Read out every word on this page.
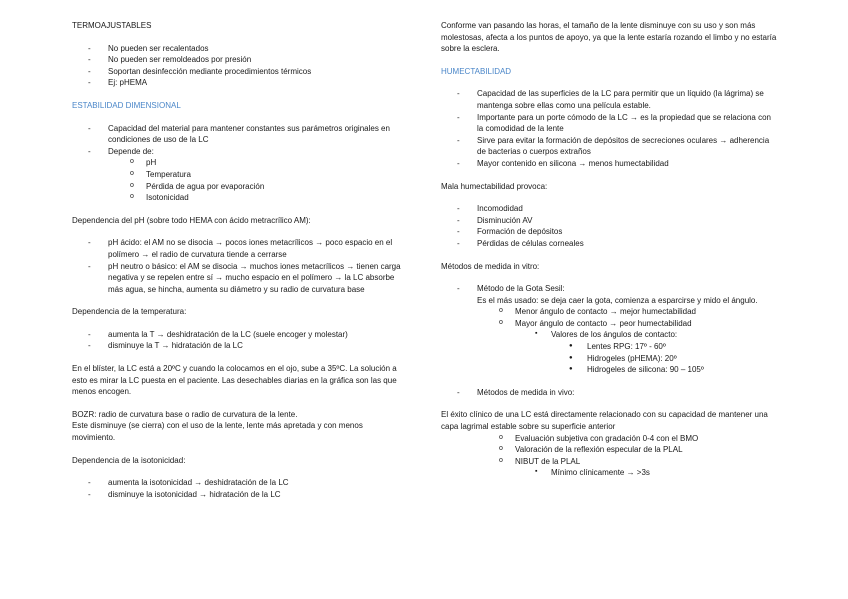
TERMOAJUSTABLES

- No pueden ser recalentados
- No pueden ser remoldeados por presión
- Soportan desinfección mediante procedimientos térmicos
- Ej: pHEMA

ESTABILIDAD DIMENSIONAL

- Capacidad del material para mantener constantes sus parámetros originales en condiciones de uso de la LC
- Depende de:
o pH
o Temperatura
o Pérdida de agua por evaporación
o Isotonicidad

Dependencia del pH (sobre todo HEMA con ácido metracrílico AM):

- pH ácido: el AM no se disocia → pocos iones metacrílicos → poco espacio en el polímero → el radio de curvatura tiende a cerrarse
- pH neutro o básico: el AM se disocia → muchos iones metacrílicos → tienen carga negativa y se repelen entre sí → mucho espacio en el polímero → la LC absorbe más agua, se hincha, aumenta su diámetro y su radio de curvatura base

Dependencia de la temperatura:

- aumenta la T → deshidratación de la LC (suele encoger y molestar)
- disminuye la T → hidratación de la LC

En el blíster, la LC está a 20ºC y cuando la colocamos en el ojo, sube a 35ºC. La solución a esto es mirar la LC puesta en el paciente. Las desechables diarias en la gráfica son las que menos encogen.

BOZR: radio de curvatura base o radio de curvatura de la lente.

Este disminuye (se cierra) con el uso de la lente, lente más apretada y con menos movimiento.

Dependencia de la isotonicidad:

- aumenta la isotonicidad → deshidratación de la LC
- disminuye la isotonicidad → hidratación de la LC

Conforme van pasando las horas, el tamaño de la lente disminuye con su uso y son más molestosas, afecta a los puntos de apoyo, ya que la lente estaría rozando el limbo y no estaría sobre la esclera.

HUMECTABILIDAD

- Capacidad de las superficies de la LC para permitir que un líquido (la lágrima) se mantenga sobre ellas como una película estable.
- Importante para un porte cómodo de la LC → es la propiedad que se relaciona con la comodidad de la lente
- Sirve para evitar la formación de depósitos de secreciones oculares → adherencia de bacterias o cuerpos extraños
- Mayor contenido en silicona → menos humectabilidad

Mala humectabilidad provoca:

- Incomodidad
- Disminución AV
- Formación de depósitos
- Pérdidas de células corneales

Métodos de medida in vitro:

- Método de la Gota Sesil:
Es el más usado: se deja caer la gota, comienza a esparcirse y mido el ángulo.
o Menor ángulo de contacto → mejor humectabilidad
o Mayor ángulo de contacto → peor humectabilidad
▪ Valores de los ángulos de contacto:
● Lentes RPG: 17º - 60º
● Hidrogeles (pHEMA): 20º
● Hidrogeles de silicona: 90 – 105º
- Métodos de medida in vivo:

El éxito clínico de una LC está directamente relacionado con su capacidad de mantener una capa lagrimal estable sobre su superficie anterior

o Evaluación subjetiva con gradación 0-4 con el BMO
o Valoración de la reflexión especular de la PLAL
o NIBUT de la PLAL
▪ Mínimo clínicamente → >3s
